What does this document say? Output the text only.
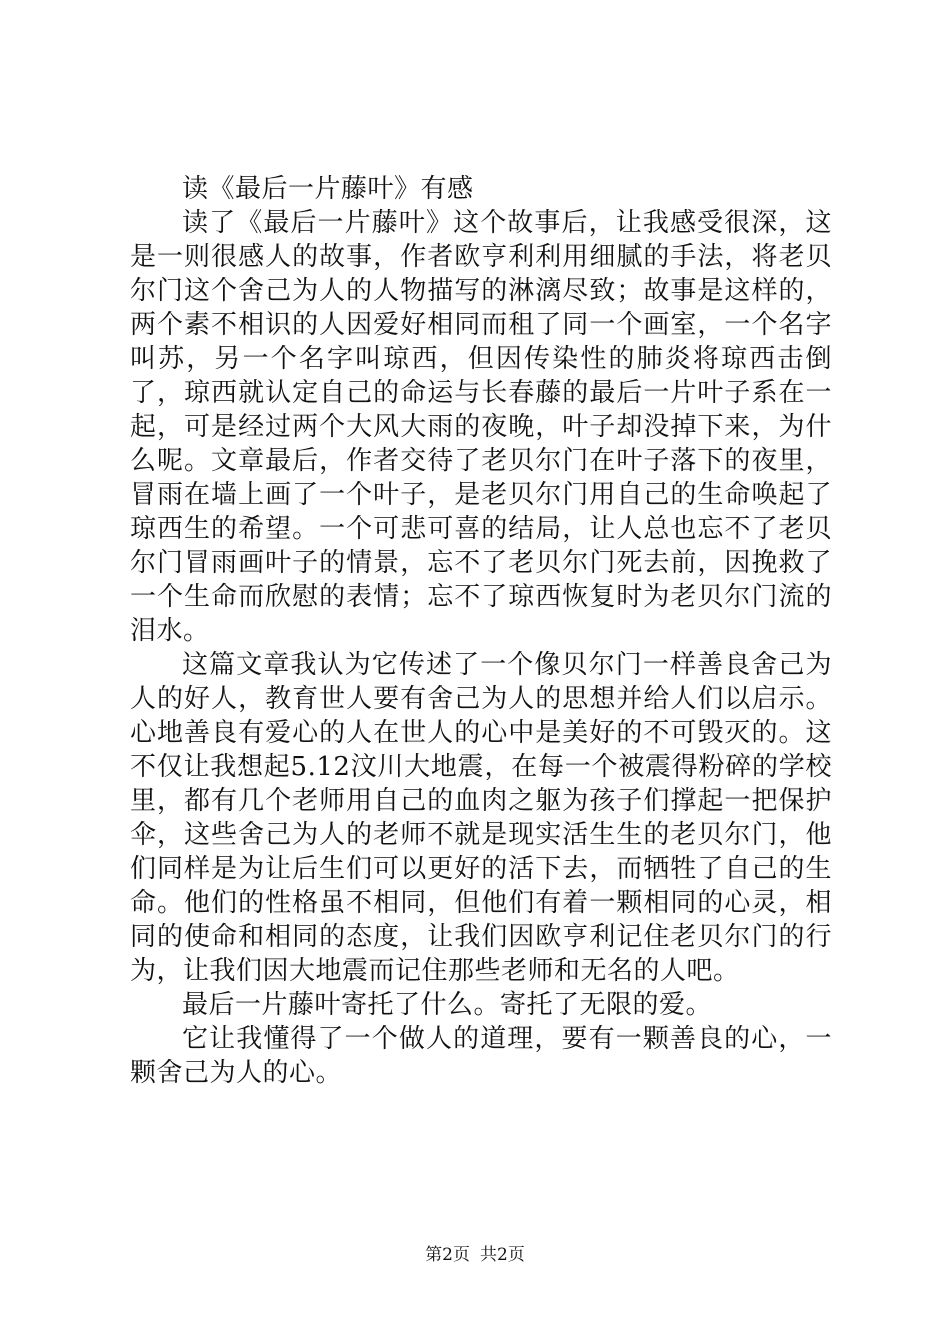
读《最后一片藤叶》有感

读了《最后一片藤叶》这个故事后，让我感受很深，这是一则很感人的故事，作者欧亨利利用细腻的手法，将老贝尔门这个舍己为人的人物描写的淋漓尽致；故事是这样的，两个素不相识的人因爱好相同而租了同一个画室，一个名字叫苏，另一个名字叫琼西，但因传染性的肺炎将琼西击倒了，琼西就认定自己的命运与长春藤的最后一片叶子系在一起，可是经过两个大风大雨的夜晚，叶子却没掉下来，为什么呢。文章最后，作者交待了老贝尔门在叶子落下的夜里，冒雨在墙上画了一个叶子，是老贝尔门用自己的生命唤起了琼西生的希望。一个可悲可喜的结局，让人总也忘不了老贝尔门冒雨画叶子的情景，忘不了老贝尔门死去前，因挽救了一个生命而欣慰的表情；忘不了琼西恢复时为老贝尔门流的泪水。

这篇文章我认为它传述了一个像贝尔门一样善良舍己为人的好人，教育世人要有舍己为人的思想并给人们以启示。心地善良有爱心的人在世人的心中是美好的不可毁灭的。这不仅让我想起5.12汶川大地震，在每一个被震得粉碎的学校里，都有几个老师用自己的血肉之躯为孩子们撑起一把保护伞，这些舍己为人的老师不就是现实活生生的老贝尔门，他们同样是为让后生们可以更好的活下去，而牺牲了自己的生命。他们的性格虽不相同，但他们有着一颗相同的心灵，相同的使命和相同的态度，让我们因欧亨利记住老贝尔门的行为，让我们因大地震而记住那些老师和无名的人吧。

最后一片藤叶寄托了什么。寄托了无限的爱。

它让我懂得了一个做人的道理，要有一颗善良的心，一颗舍己为人的心。

第2页 共2页
